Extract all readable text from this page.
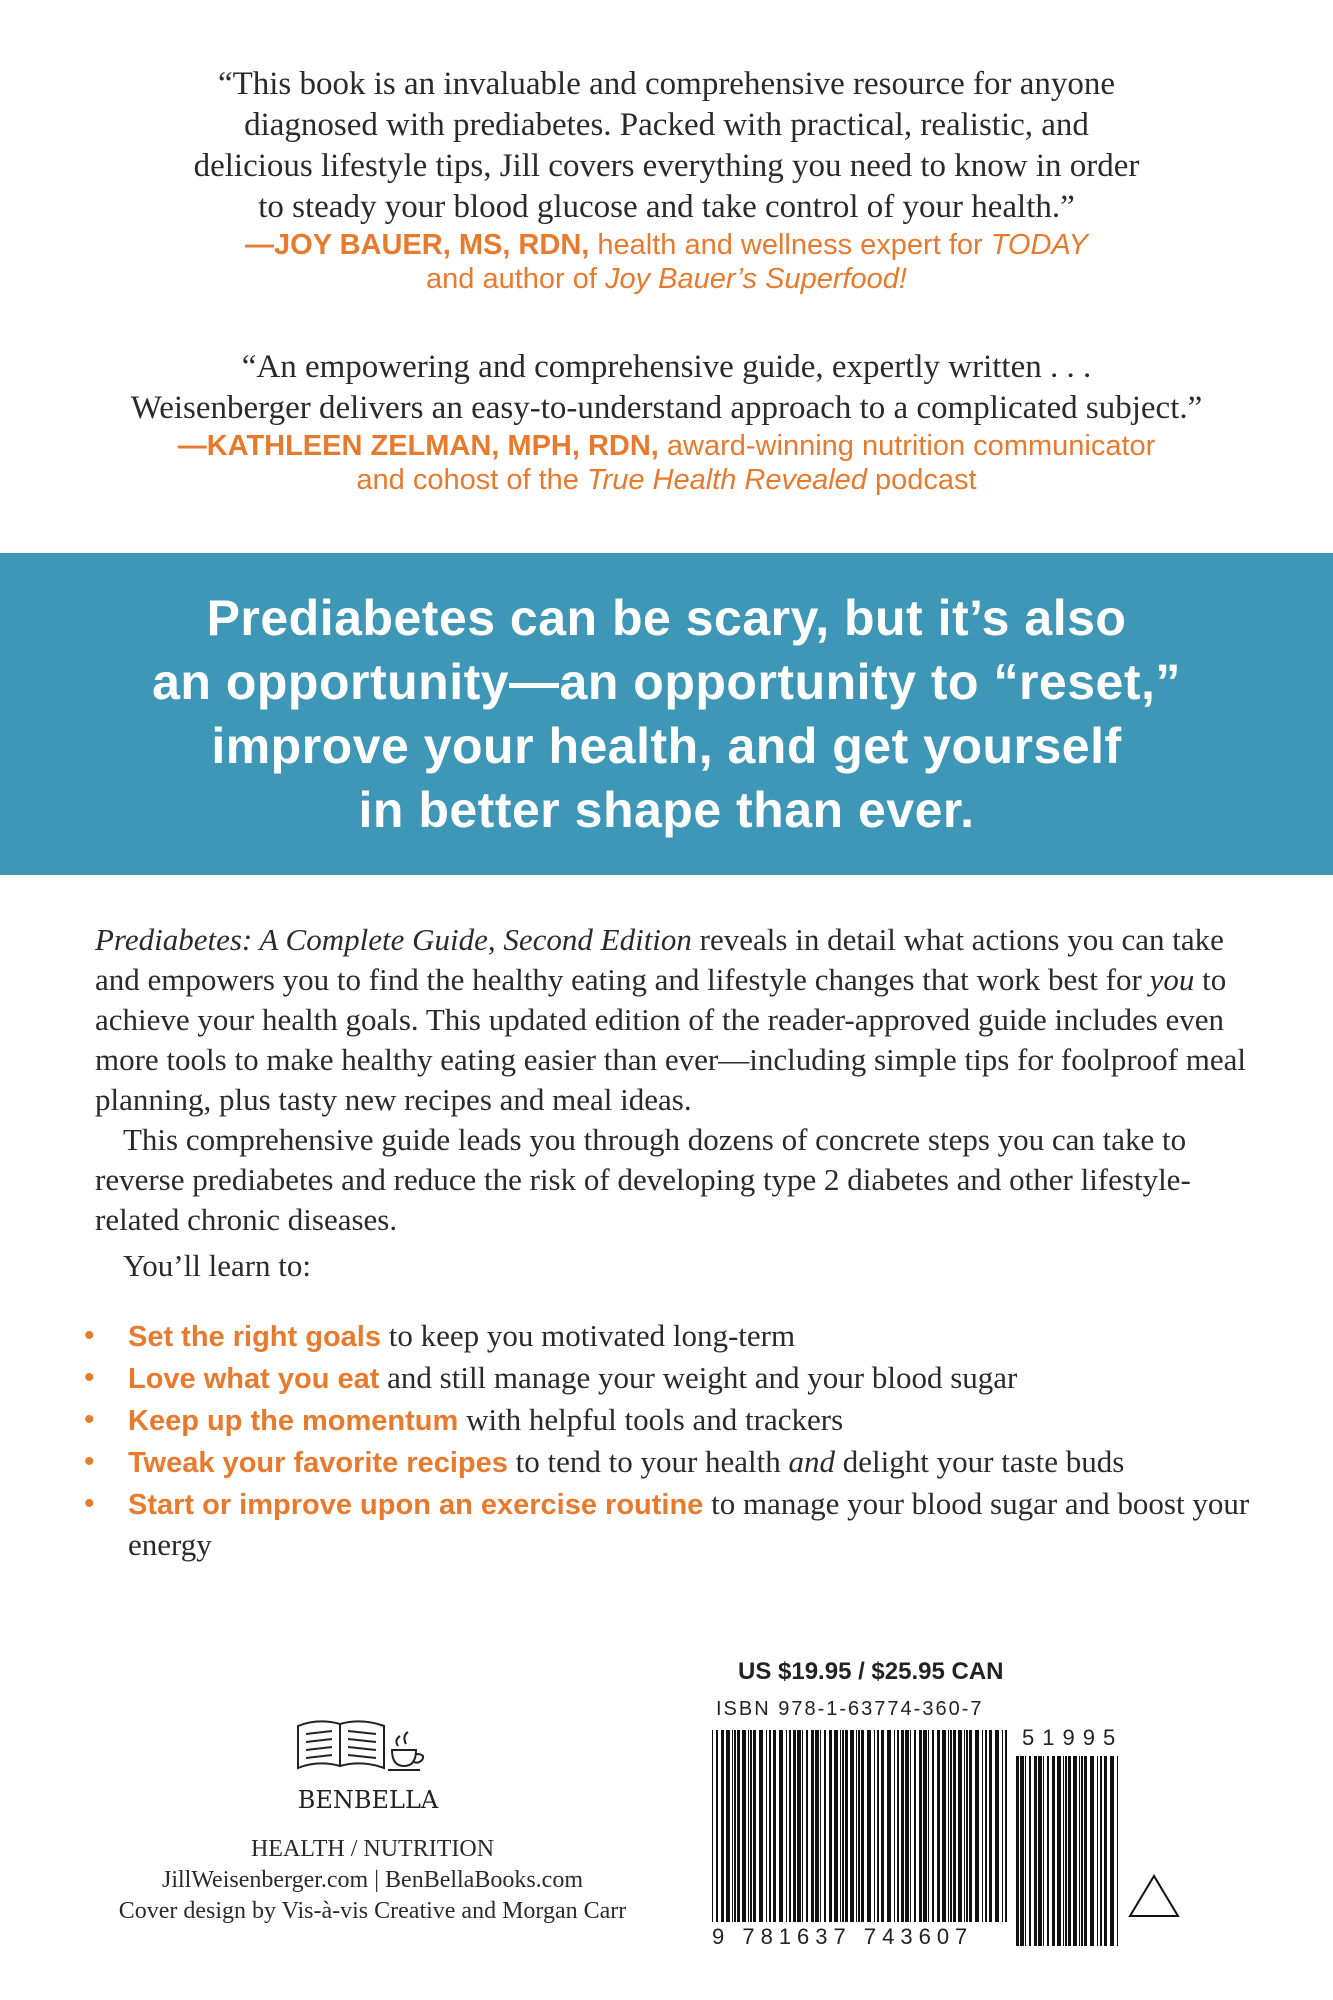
“This book is an invaluable and comprehensive resource for anyone
diagnosed with prediabetes. Packed with practical, realistic, and
delicious lifestyle tips, Jill covers everything you need to know in order
to steady your blood glucose and take control of your health.”
—JOY BAUER, MS, RDN, health and wellness expert for TODAY
and author of Joy Bauer’s Superfood!
“An empowering and comprehensive guide, expertly written . . .
Weisenberger delivers an easy-to-understand approach to a complicated subject.”
—KATHLEEN ZELMAN, MPH, RDN, award-winning nutrition communicator
and cohost of the True Health Revealed podcast
Prediabetes can be scary, but it’s also
an opportunity—an opportunity to “reset,”
improve your health, and get yourself
in better shape than ever.

Prediabetes: A Complete Guide, Second Edition reveals in detail what actions you can take and empowers you to find the healthy eating and lifestyle changes that work best for you to achieve your health goals. This updated edition of the reader-approved guide includes even more tools to make healthy eating easier than ever—including simple tips for foolproof meal planning, plus tasty new recipes and meal ideas.

This comprehensive guide leads you through dozens of concrete steps you can take to reverse prediabetes and reduce the risk of developing type 2 diabetes and other lifestyle-related chronic diseases.

You’ll learn to:

• Set the right goals to keep you motivated long-term
• Love what you eat and still manage your weight and your blood sugar
• Keep up the momentum with helpful tools and trackers
• Tweak your favorite recipes to tend to your health and delight your taste buds
• Start or improve upon an exercise routine to manage your blood sugar and boost your energy
BENBELLA
HEALTH / NUTRITION
JillWeisenberger.com | BenBellaBooks.com
Cover design by Vis-à-vis Creative and Morgan Carr
US $19.95 / $25.95 CAN
ISBN 978-1-63774-360-7
9 781637 743607
51995
